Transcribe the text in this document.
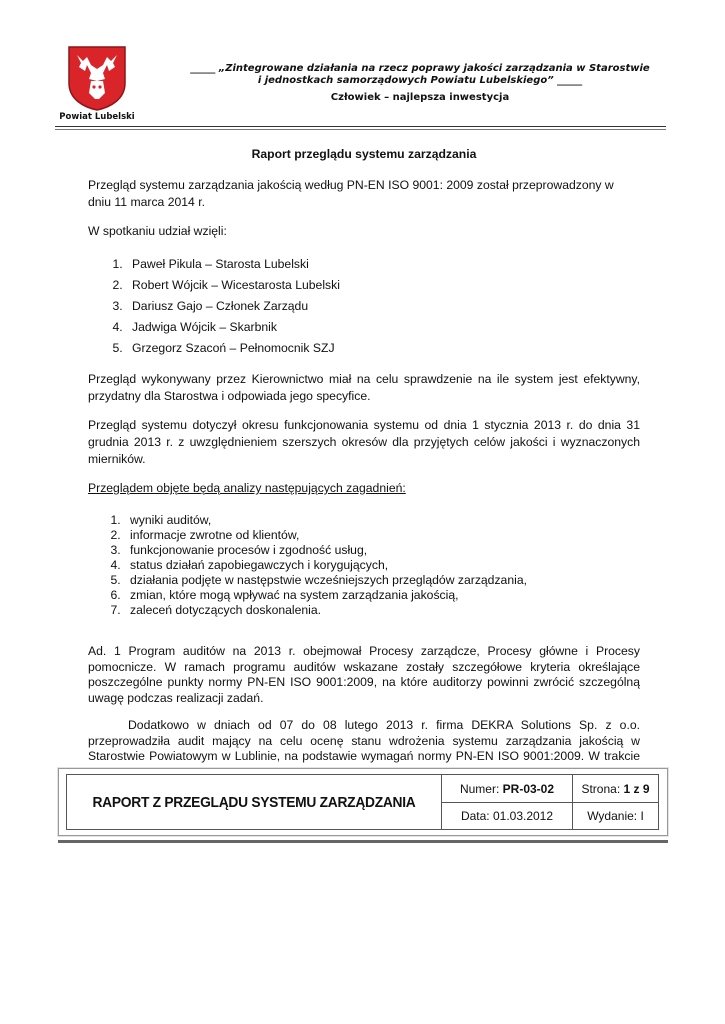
Powiat Lubelski
_____ „Zintegrowane działania na rzecz poprawy jakości zarządzania w Starostwie
i jednostkach samorządowych Powiatu Lubelskiego” _____
Człowiek – najlepsza inwestycja
Raport przeglądu systemu zarządzania

Przegląd systemu zarządzania jakością według PN-EN ISO 9001: 2009 został przeprowadzony w dniu 11 marca 2014 r.

W spotkaniu udział wzięli:

1. Paweł Pikula – Starosta Lubelski
2. Robert Wójcik – Wicestarosta Lubelski
3. Dariusz Gajo – Członek Zarządu
4. Jadwiga Wójcik – Skarbnik
5. Grzegorz Szacoń – Pełnomocnik SZJ

Przegląd wykonywany przez Kierownictwo miał na celu sprawdzenie na ile system jest efektywny, przydatny dla Starostwa i odpowiada jego specyfice.

Przegląd systemu dotyczył okresu funkcjonowania systemu od dnia 1 stycznia 2013 r. do dnia 31 grudnia 2013 r. z uwzględnieniem szerszych okresów dla przyjętych celów jakości i wyznaczonych mierników.

Przeglądem objęte będą analizy następujących zagadnień:

1. wyniki auditów,
2. informacje zwrotne od klientów,
3. funkcjonowanie procesów i zgodność usług,
4. status działań zapobiegawczych i korygujących,
5. działania podjęte w następstwie wcześniejszych przeglądów zarządzania,
6. zmian, które mogą wpływać na system zarządzania jakością,
7. zaleceń dotyczących doskonalenia.

Ad. 1 Program auditów na 2013 r. obejmował Procesy zarządcze, Procesy główne i Procesy pomocnicze. W ramach programu auditów wskazane zostały szczegółowe kryteria określające poszczególne punkty normy PN-EN ISO 9001:2009, na które auditorzy powinni zwrócić szczególną uwagę podczas realizacji zadań.

Dodatkowo w dniach od 07 do 08 lutego 2013 r. firma DEKRA Solutions Sp. z o.o. przeprowadziła audit mający na celu ocenę stanu wdrożenia systemu zarządzania jakością w Starostwie Powiatowym w Lublinie, na podstawie wymagań normy PN-EN ISO 9001:2009. W trakcie

RAPORT Z PRZEGLĄDU SYSTEMU ZARZĄDZANIA	Numer: PR-03-02	Strona: 1 z 9
	Data: 01.03.2012	Wydanie: I
